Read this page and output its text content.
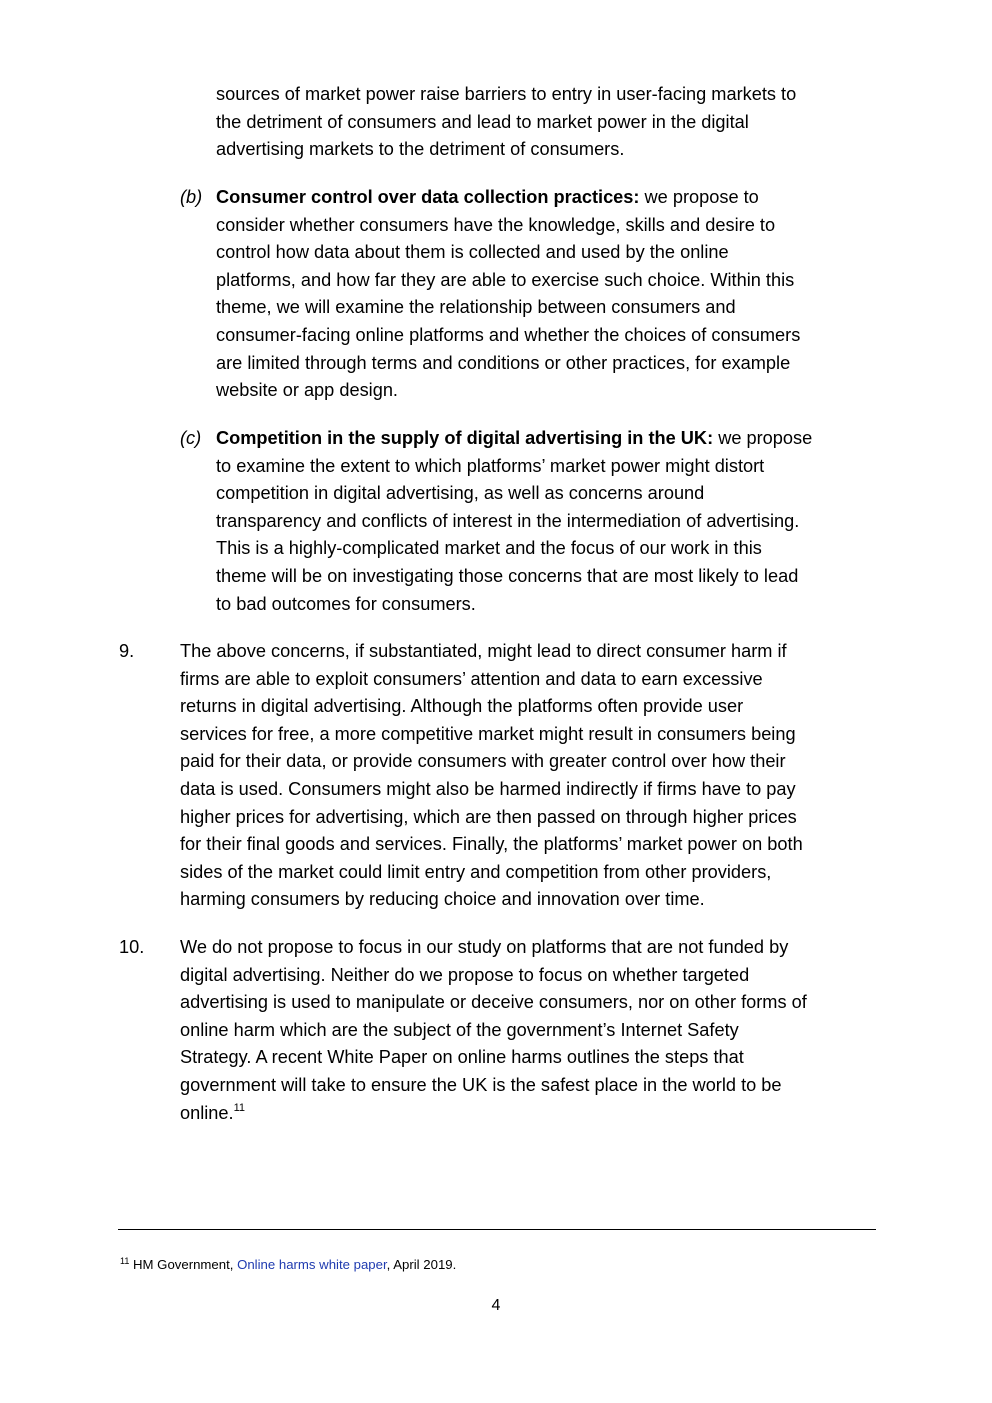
sources of market power raise barriers to entry in user-facing markets to
the detriment of consumers and lead to market power in the digital
advertising markets to the detriment of consumers.
(b) Consumer control over data collection practices: we propose to
consider whether consumers have the knowledge, skills and desire to
control how data about them is collected and used by the online
platforms, and how far they are able to exercise such choice. Within this
theme, we will examine the relationship between consumers and
consumer-facing online platforms and whether the choices of consumers
are limited through terms and conditions or other practices, for example
website or app design.
(c) Competition in the supply of digital advertising in the UK: we propose
to examine the extent to which platforms’ market power might distort
competition in digital advertising, as well as concerns around
transparency and conflicts of interest in the intermediation of advertising.
This is a highly-complicated market and the focus of our work in this
theme will be on investigating those concerns that are most likely to lead
to bad outcomes for consumers.
9.	The above concerns, if substantiated, might lead to direct consumer harm if
firms are able to exploit consumers’ attention and data to earn excessive
returns in digital advertising. Although the platforms often provide user
services for free, a more competitive market might result in consumers being
paid for their data, or provide consumers with greater control over how their
data is used. Consumers might also be harmed indirectly if firms have to pay
higher prices for advertising, which are then passed on through higher prices
for their final goods and services. Finally, the platforms’ market power on both
sides of the market could limit entry and competition from other providers,
harming consumers by reducing choice and innovation over time.
10. We do not propose to focus in our study on platforms that are not funded by
digital advertising. Neither do we propose to focus on whether targeted
advertising is used to manipulate or deceive consumers, nor on other forms of
online harm which are the subject of the government’s Internet Safety
Strategy. A recent White Paper on online harms outlines the steps that
government will take to ensure the UK is the safest place in the world to be
online.$^{11}$
$^{11}$ HM Government, Online harms white paper, April 2019.
4
